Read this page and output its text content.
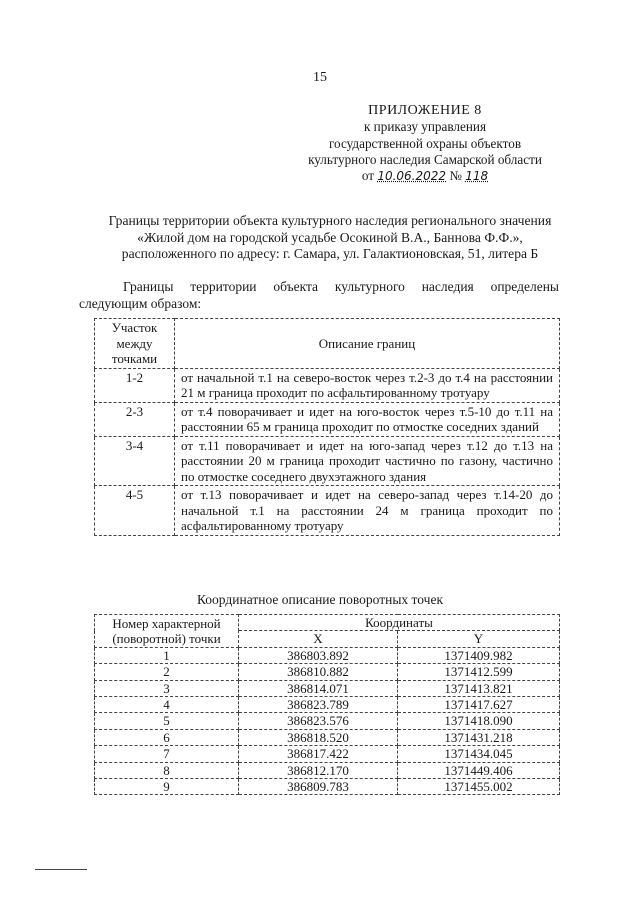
15
ПРИЛОЖЕНИЕ 8
к приказу управления
государственной охраны объектов
культурного наследия Самарской области
от 10.06.2022 № 118
Границы территории объекта культурного наследия регионального значения
«Жилой дом на городской усадьбе Осокиной В.А., Баннова Ф.Ф.»,
расположенного по адресу: г. Самара, ул. Галактионовская, 51, литера Б
Границы территории объекта культурного наследия определены следующим образом:
Участок между точками	Описание границ
1-2	от начальной т.1 на северо-восток через т.2-3 до т.4 на расстоянии 21 м граница проходит по асфальтированному тротуару
2-3	от т.4 поворачивает и идет на юго-восток через т.5-10 до т.11 на расстоянии 65 м граница проходит по отмостке соседних зданий
3-4	от т.11 поворачивает и идет на юго-запад через т.12 до т.13 на расстоянии 20 м граница проходит частично по газону, частично по отмостке соседнего двухэтажного здания
4-5	от т.13 поворачивает и идет на северо-запад через т.14-20 до начальной т.1 на расстоянии 24 м граница проходит по асфальтированному тротуару
Координатное описание поворотных точек
Номер характерной (поворотной) точки	Координаты	
	X	Y
1	386803.892	1371409.982
2	386810.882	1371412.599
3	386814.071	1371413.821
4	386823.789	1371417.627
5	386823.576	1371418.090
6	386818.520	1371431.218
7	386817.422	1371434.045
8	386812.170	1371449.406
9	386809.783	1371455.002
